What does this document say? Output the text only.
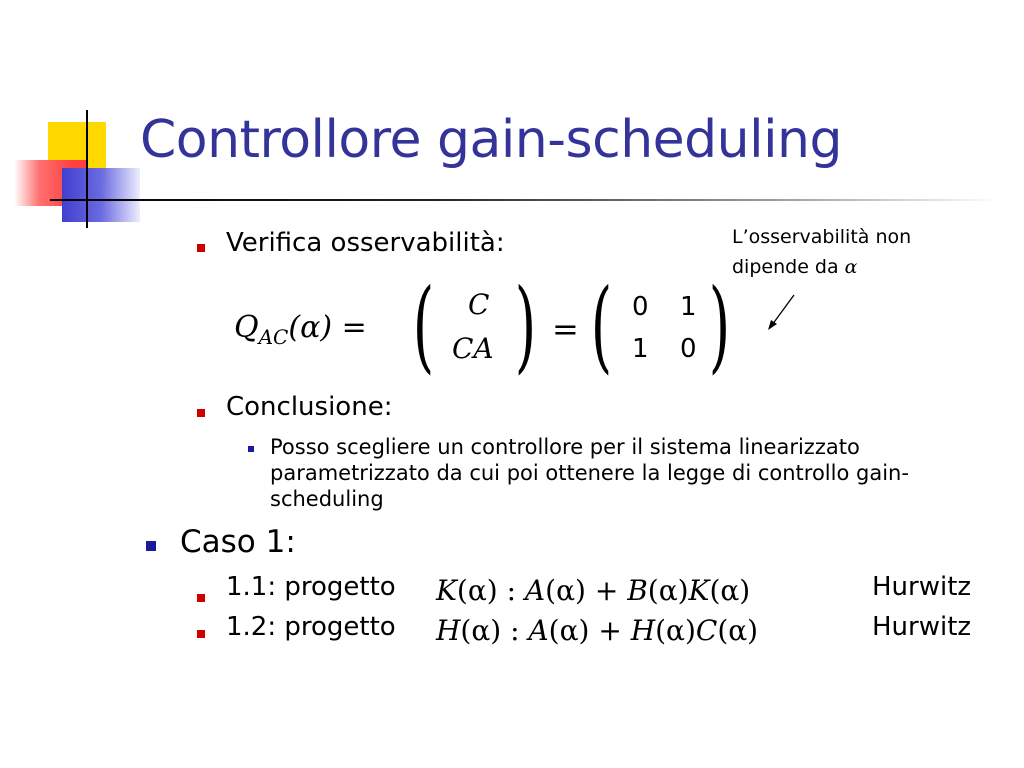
Controllore gain-scheduling
L’osservabilità non
dipende da α
Verifica osservabilità:
$Q_{AC}(\alpha)$ = ( C
CA ) = ( 0 1
1 0 )
Conclusione:
Posso scegliere un controllore per il sistema linearizzato parametrizzato da cui poi ottenere la legge di controllo gain-scheduling
Caso 1:
1.1: progetto K(α) : A(α) + B(α)K(α)	Hurwitz
1.2: progetto H(α) : A(α) + H(α)C(α)	Hurwitz
